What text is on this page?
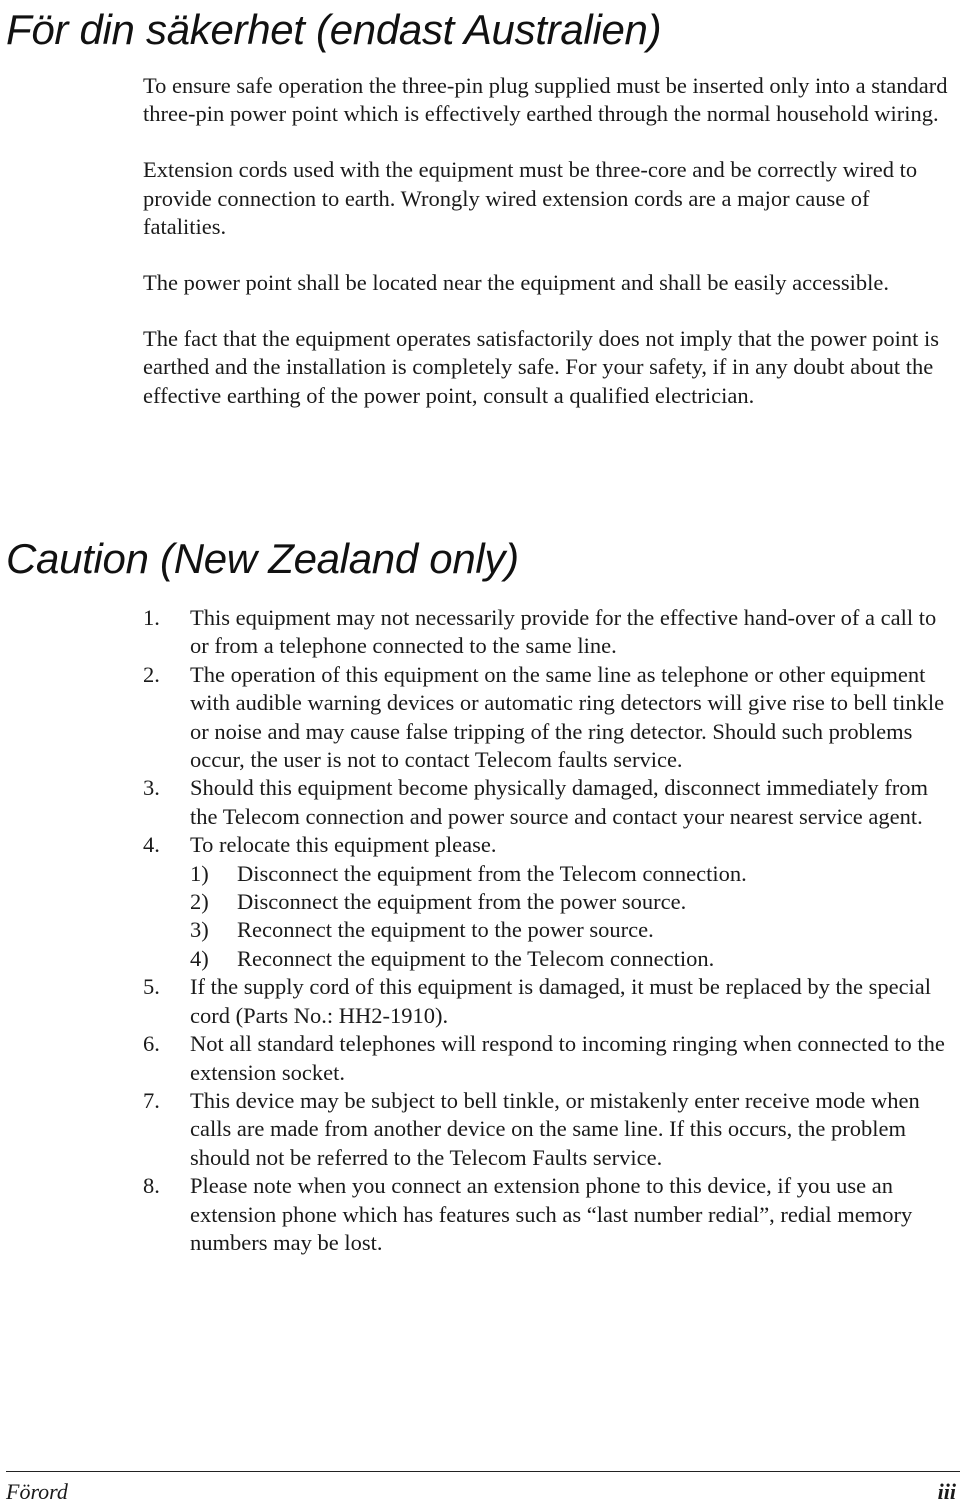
För din säkerhet (endast Australien)

To ensure safe operation the three-pin plug supplied must be inserted only into a standard three-pin power point which is effectively earthed through the normal household wiring.

Extension cords used with the equipment must be three-core and be correctly wired to provide connection to earth. Wrongly wired extension cords are a major cause of fatalities.

The power point shall be located near the equipment and shall be easily accessible.

The fact that the equipment operates satisfactorily does not imply that the power point is earthed and the installation is completely safe. For your safety, if in any doubt about the effective earthing of the power point, consult a qualified electrician.

Caution (New Zealand only)
1.	This equipment may not necessarily provide for the effective hand-over of a call to or from a telephone connected to the same line.
2.	The operation of this equipment on the same line as telephone or other equipment with audible warning devices or automatic ring detectors will give rise to bell tinkle or noise and may cause false tripping of the ring detector. Should such problems occur, the user is not to contact Telecom faults service.
3.	Should this equipment become physically damaged, disconnect immediately from the Telecom connection and power source and contact your nearest service agent.
4.	To relocate this equipment please.
1)	Disconnect the equipment from the Telecom connection.
2)	Disconnect the equipment from the power source.
3)	Reconnect the equipment to the power source.
4)	Reconnect the equipment to the Telecom connection.
5.	If the supply cord of this equipment is damaged, it must be replaced by the special cord (Parts No.: HH2-1910).
6.	Not all standard telephones will respond to incoming ringing when connected to the extension socket.
7.	This device may be subject to bell tinkle, or mistakenly enter receive mode when calls are made from another device on the same line. If this occurs, the problem should not be referred to the Telecom Faults service.
8.	Please note when you connect an extension phone to this device, if you use an extension phone which has features such as “last number redial”, redial memory numbers may be lost.
Förord	iii
